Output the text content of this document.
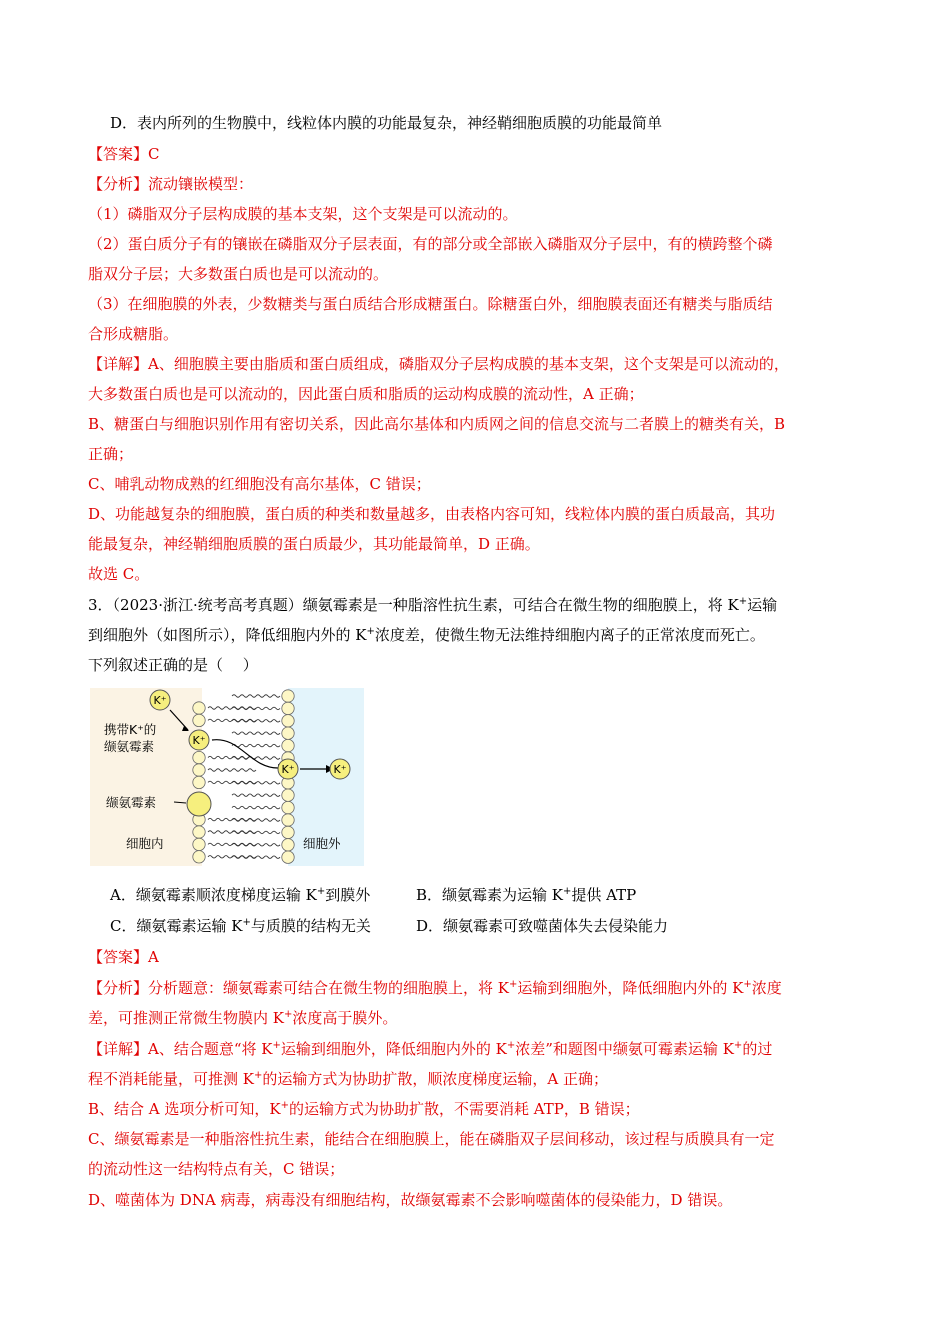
D．表内所列的生物膜中，线粒体内膜的功能最复杂，神经鞘细胞质膜的功能最简单
【答案】C
【分析】流动镶嵌模型：
（1）磷脂双分子层构成膜的基本支架，这个支架是可以流动的。
（2）蛋白质分子有的镶嵌在磷脂双分子层表面，有的部分或全部嵌入磷脂双分子层中，有的横跨整个磷
脂双分子层；大多数蛋白质也是可以流动的。
（3）在细胞膜的外表，少数糖类与蛋白质结合形成糖蛋白。除糖蛋白外，细胞膜表面还有糖类与脂质结
合形成糖脂。
【详解】A、细胞膜主要由脂质和蛋白质组成，磷脂双分子层构成膜的基本支架，这个支架是可以流动的，
大多数蛋白质也是可以流动的，因此蛋白质和脂质的运动构成膜的流动性，A 正确；
B、糖蛋白与细胞识别作用有密切关系，因此高尔基体和内质网之间的信息交流与二者膜上的糖类有关，B
正确；
C、哺乳动物成熟的红细胞没有高尔基体，C 错误；
D、功能越复杂的细胞膜，蛋白质的种类和数量越多，由表格内容可知，线粒体内膜的蛋白质最高，其功
能最复杂，神经鞘细胞质膜的蛋白质最少，其功能最简单，D 正确。
故选 C。
3．（2023·浙江·统考高考真题）缬氨霉素是一种脂溶性抗生素，可结合在微生物的细胞膜上，将 K+运输
到细胞外（如图所示），降低细胞内外的 K+浓度差，使微生物无法维持细胞内离子的正常浓度而死亡。
下列叙述正确的是（　 ）
K⁺
K⁺
K⁺	K⁺
携带K⁺的
缬氨霉素
缬氨霉素
细胞内	细胞外
A．缬氨霉素顺浓度梯度运输 K+到膜外	B．缬氨霉素为运输 K+提供 ATP
C．缬氨霉素运输 K+与质膜的结构无关	D．缬氨霉素可致噬菌体失去侵染能力
【答案】A
【分析】分析题意：缬氨霉素可结合在微生物的细胞膜上，将 K+运输到细胞外，降低细胞内外的 K+浓度
差，可推测正常微生物膜内 K+浓度高于膜外。
【详解】A、结合题意“将 K+运输到细胞外，降低细胞内外的 K+浓差”和题图中缬氨可霉素运输 K+的过
程不消耗能量，可推测 K+的运输方式为协助扩散，顺浓度梯度运输，A 正确；
B、结合 A 选项分析可知，K+的运输方式为协助扩散，不需要消耗 ATP，B 错误；
C、缬氨霉素是一种脂溶性抗生素，能结合在细胞膜上，能在磷脂双子层间移动，该过程与质膜具有一定
的流动性这一结构特点有关，C 错误；
D、噬菌体为 DNA 病毒，病毒没有细胞结构，故缬氨霉素不会影响噬菌体的侵染能力，D 错误。
